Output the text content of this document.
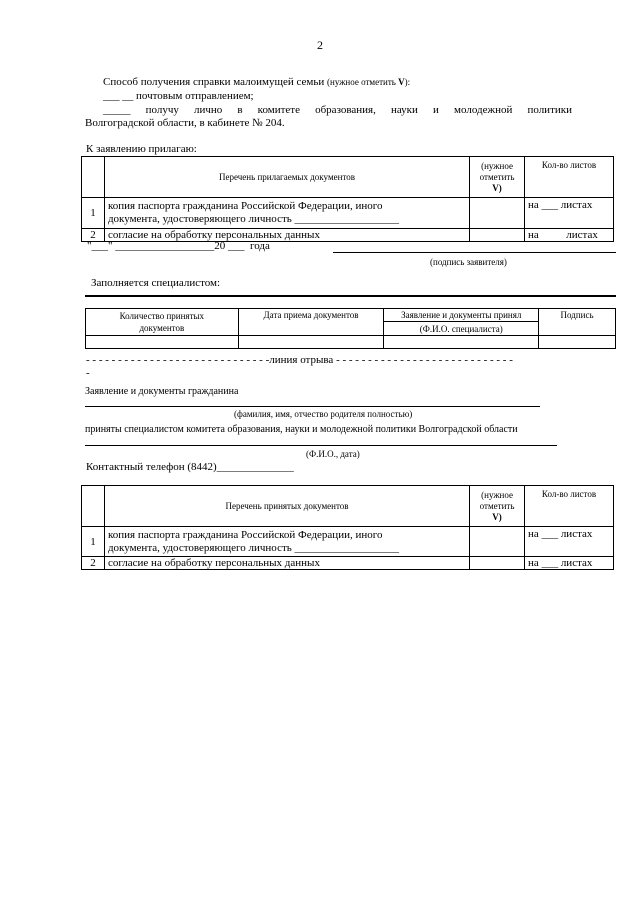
2
Способ получения справки малоимущей семьи (нужное отметить V):
___ __ почтовым отправлением;
_____ получу лично в комитете образования, науки и молодежной политики
Волгоградской области, в кабинете № 204.
К заявлению прилагаю:
	Перечень прилагаемых документов	(нужное
отметить
V)	Кол-во листов
1	копия паспорта гражданина Российской Федерации, иного
документа, удостоверяющего личность ___________________		на ___ листах
2	согласие на обработку персональных данных		на листах
"___" __________________20 ___ года
(подпись заявителя)
Заполняется специалистом:
Количество принятых
документов	Дата приема документов	Заявление и документы принял	Подпись
		(Ф.И.О. специалиста)	

- - - - - - - - - - - - - - - - - - - - - - - - - - - - -линия отрыва - - - - - - - - - - - - - - - - - - - - - - - - - - - -
-
Заявление и документы гражданина
(фамилия, имя, отчество родителя полностью)
приняты специалистом комитета образования, науки и молодежной политики Волгоградской области
(Ф.И.О., дата)
Контактный телефон (8442)______________
	Перечень принятых документов	(нужное
отметить
V)	Кол-во листов
1	копия паспорта гражданина Российской Федерации, иного
документа, удостоверяющего личность ___________________		на ___ листах
2	согласие на обработку персональных данных		на ___ листах
